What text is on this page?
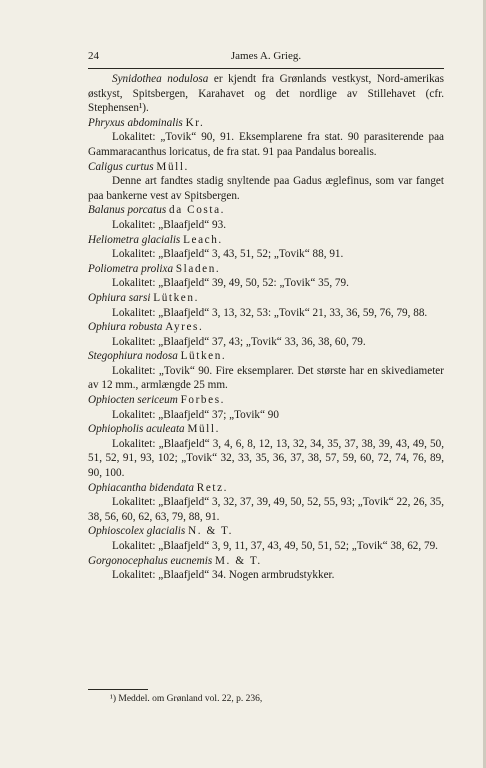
24	James A. Grieg.

Synidothea nodulosa er kjendt fra Grønlands vestkyst, Nord-amerikas østkyst, Spitsbergen, Karahavet og det nordlige av Stillehavet (cfr. Stephensen¹).

Phryxus abdominalis Kr.

Lokalitet: „Tovik“ 90, 91. Eksemplarene fra stat. 90 parasiterende paa Gammaracanthus loricatus, de fra stat. 91 paa Pandalus borealis.

Caligus curtus Müll.

Denne art fandtes stadig snyltende paa Gadus æglefinus, som var fanget paa bankerne vest av Spitsbergen.

Balanus porcatus da Costa.

Lokalitet: „Blaafjeld“ 93.

Heliometra glacialis Leach.

Lokalitet: „Blaafjeld“ 3, 43, 51, 52; „Tovik“ 88, 91.

Poliometra prolixa Sladen.

Lokalitet: „Blaafjeld“ 39, 49, 50, 52: „Tovik“ 35, 79.

Ophiura sarsi Lütken.

Lokalitet: „Blaafjeld“ 3, 13, 32, 53: „Tovik“ 21, 33, 36, 59, 76, 79, 88.

Ophiura robusta Ayres.

Lokalitet: „Blaafjeld“ 37, 43; „Tovik“ 33, 36, 38, 60, 79.

Stegophiura nodosa Lütken.

Lokalitet: „Tovik“ 90. Fire eksemplarer. Det største har en skivediameter av 12 mm., armlængde 25 mm.

Ophiocten sericeum Forbes.

Lokalitet: „Blaafjeld“ 37; „Tovik“ 90

Ophiopholis aculeata Müll.

Lokalitet: „Blaafjeld“ 3, 4, 6, 8, 12, 13, 32, 34, 35, 37, 38, 39, 43, 49, 50, 51, 52, 91, 93, 102; „Tovik“ 32, 33, 35, 36, 37, 38, 57, 59, 60, 72, 74, 76, 89, 90, 100.

Ophiacantha bidendata Retz.

Lokalitet: „Blaafjeld“ 3, 32, 37, 39, 49, 50, 52, 55, 93; „Tovik“ 22, 26, 35, 38, 56, 60, 62, 63, 79, 88, 91.

Ophioscolex glacialis N. & T.

Lokalitet: „Blaafjeld“ 3, 9, 11, 37, 43, 49, 50, 51, 52; „Tovik“ 38, 62, 79.

Gorgonocephalus eucnemis M. & T.

Lokalitet: „Blaafjeld“ 34. Nogen armbrudstykker.

¹) Meddel. om Grønland vol. 22, p. 236,
